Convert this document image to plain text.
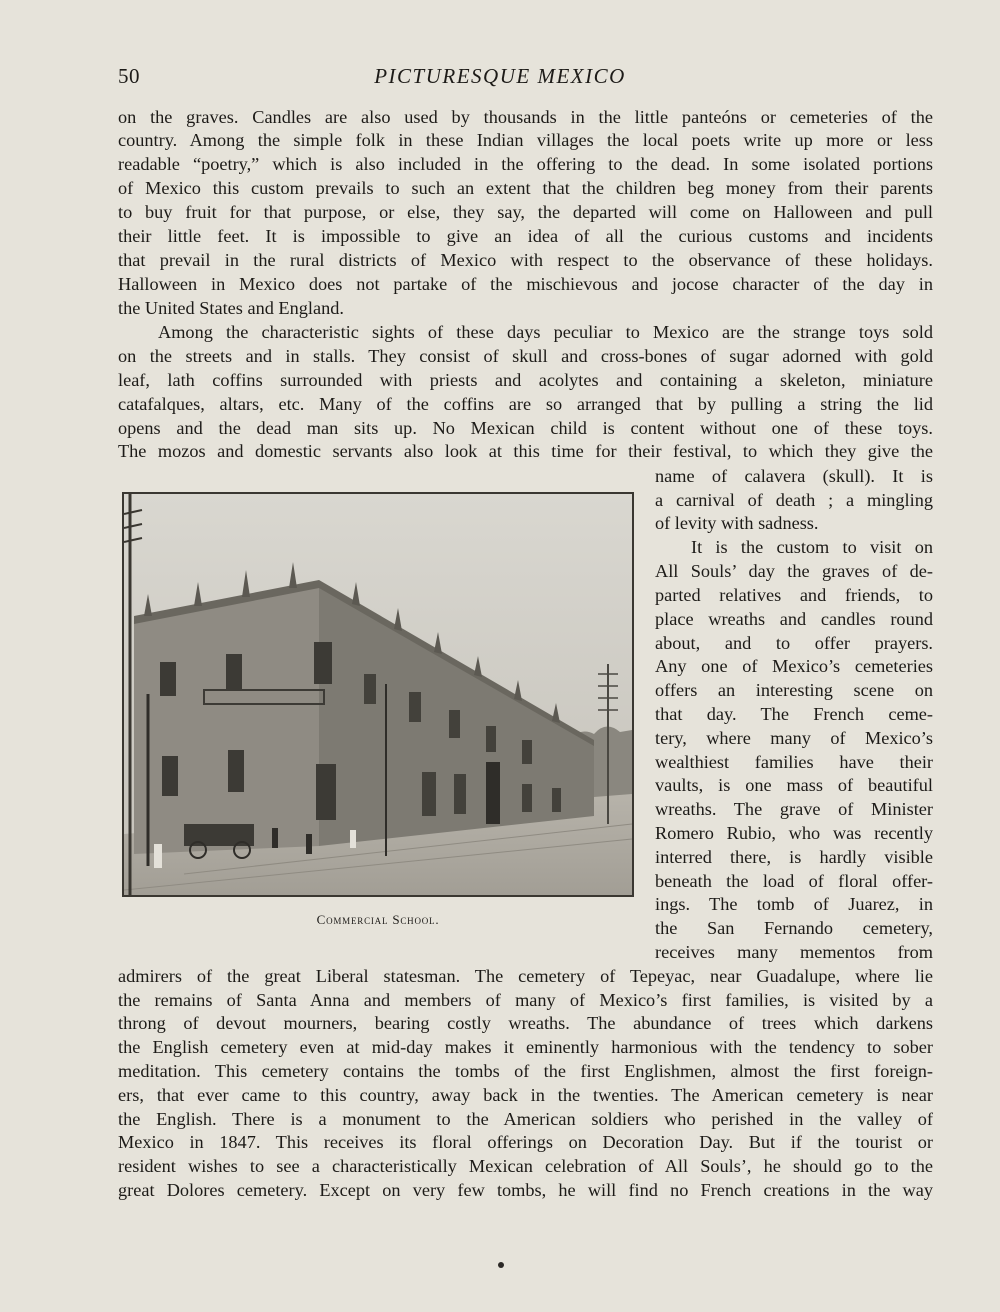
50	PICTURESQUE MEXICO
on the graves. Candles are also used by thousands in the little panteóns or cemeteries of the
country. Among the simple folk in these Indian villages the local poets write up more or less
readable “poetry,” which is also included in the offering to the dead. In some isolated portions
of Mexico this custom prevails to such an extent that the children beg money from their parents
to buy fruit for that purpose, or else, they say, the departed will come on Halloween and pull
their little feet. It is impossible to give an idea of all the curious customs and incidents
that prevail in the rural districts of Mexico with respect to the observance of these holidays.
Halloween in Mexico does not partake of the mischievous and jocose character of the day in
the United States and England.
Among the characteristic sights of these days peculiar to Mexico are the strange toys sold
on the streets and in stalls. They consist of skull and cross-bones of sugar adorned with gold
leaf, lath coffins surrounded with priests and acolytes and containing a skeleton, miniature
catafalques, altars, etc. Many of the coffins are so arranged that by pulling a string the lid
opens and the dead man sits up. No Mexican child is content without one of these toys.
The mozos and domestic servants also look at this time for their festival, to which they give the
name of calavera (skull). It is
a carnival of death ; a mingling
of levity with sadness.
It is the custom to visit on
All Souls’ day the graves of de-
parted relatives and friends, to
place wreaths and candles round
about, and to offer prayers.
Any one of Mexico’s cemeteries
offers an interesting scene on
that day. The French ceme-
tery, where many of Mexico’s
wealthiest families have their
vaults, is one mass of beautiful
wreaths. The grave of Minister
Romero Rubio, who was recently
interred there, is hardly visible
beneath the load of floral offer-
ings. The tomb of Juarez, in
the San Fernando cemetery,
receives many mementos from
admirers of the great Liberal statesman. The cemetery of Tepeyac, near Guadalupe, where lie
the remains of Santa Anna and members of many of Mexico’s first families, is visited by a
throng of devout mourners, bearing costly wreaths. The abundance of trees which darkens
the English cemetery even at mid-day makes it eminently harmonious with the tendency to sober
meditation. This cemetery contains the tombs of the first Englishmen, almost the first foreign-
ers, that ever came to this country, away back in the twenties. The American cemetery is near
the English. There is a monument to the American soldiers who perished in the valley of
Mexico in 1847. This receives its floral offerings on Decoration Day. But if the tourist or
resident wishes to see a characteristically Mexican celebration of All Souls’, he should go to the
great Dolores cemetery. Except on very few tombs, he will find no French creations in the way
Commercial School.
